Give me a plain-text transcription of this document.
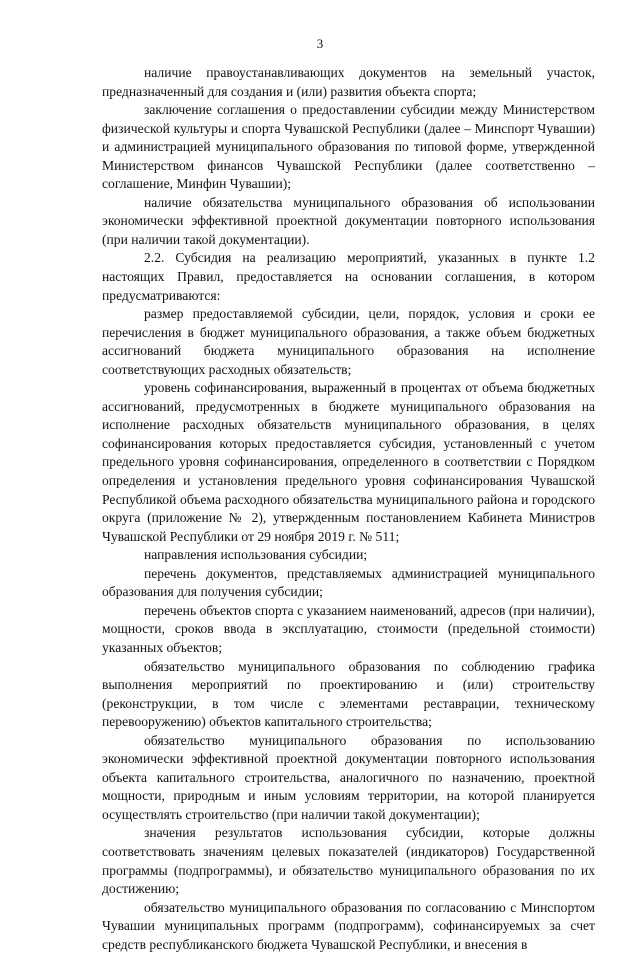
3

наличие правоустанавливающих документов на земельный участок, предназначенный для создания и (или) развития объекта спорта;

заключение соглашения о предоставлении субсидии между Министерством физической культуры и спорта Чувашской Республики (далее – Минспорт Чувашии) и администрацией муниципального образования по типовой форме, утвержденной Министерством финансов Чувашской Республики (далее соответственно – соглашение, Минфин Чувашии);

наличие обязательства муниципального образования об использовании экономически эффективной проектной документации повторного использования (при наличии такой документации).

2.2. Субсидия на реализацию мероприятий, указанных в пункте 1.2 настоящих Правил, предоставляется на основании соглашения, в котором предусматриваются:

размер предоставляемой субсидии, цели, порядок, условия и сроки ее перечисления в бюджет муниципального образования, а также объем бюджетных ассигнований бюджета муниципального образования на исполнение соответствующих расходных обязательств;

уровень софинансирования, выраженный в процентах от объема бюджетных ассигнований, предусмотренных в бюджете муниципального образования на исполнение расходных обязательств муниципального образования, в целях софинансирования которых предоставляется субсидия, установленный с учетом предельного уровня софинансирования, определенного в соответствии с Порядком определения и установления предельного уровня софинансирования Чувашской Республикой объема расходного обязательства муниципального района и городского округа (приложение № 2), утвержденным постановлением Кабинета Министров Чувашской Республики от 29 ноября 2019 г. № 511;

направления использования субсидии;

перечень документов, представляемых администрацией муниципального образования для получения субсидии;

перечень объектов спорта с указанием наименований, адресов (при наличии), мощности, сроков ввода в эксплуатацию, стоимости (предельной стоимости) указанных объектов;

обязательство муниципального образования по соблюдению графика выполнения мероприятий по проектированию и (или) строительству (реконструкции, в том числе с элементами реставрации, техническому перевооружению) объектов капитального строительства;

обязательство муниципального образования по использованию экономически эффективной проектной документации повторного использования объекта капитального строительства, аналогичного по назначению, проектной мощности, природным и иным условиям территории, на которой планируется осуществлять строительство (при наличии такой документации);

значения результатов использования субсидии, которые должны соответствовать значениям целевых показателей (индикаторов) Государственной программы (подпрограммы), и обязательство муниципального образования по их достижению;

обязательство муниципального образования по согласованию с Минспортом Чувашии муниципальных программ (подпрограмм), софинансируемых за счет средств республиканского бюджета Чувашской Республики, и внесения в
